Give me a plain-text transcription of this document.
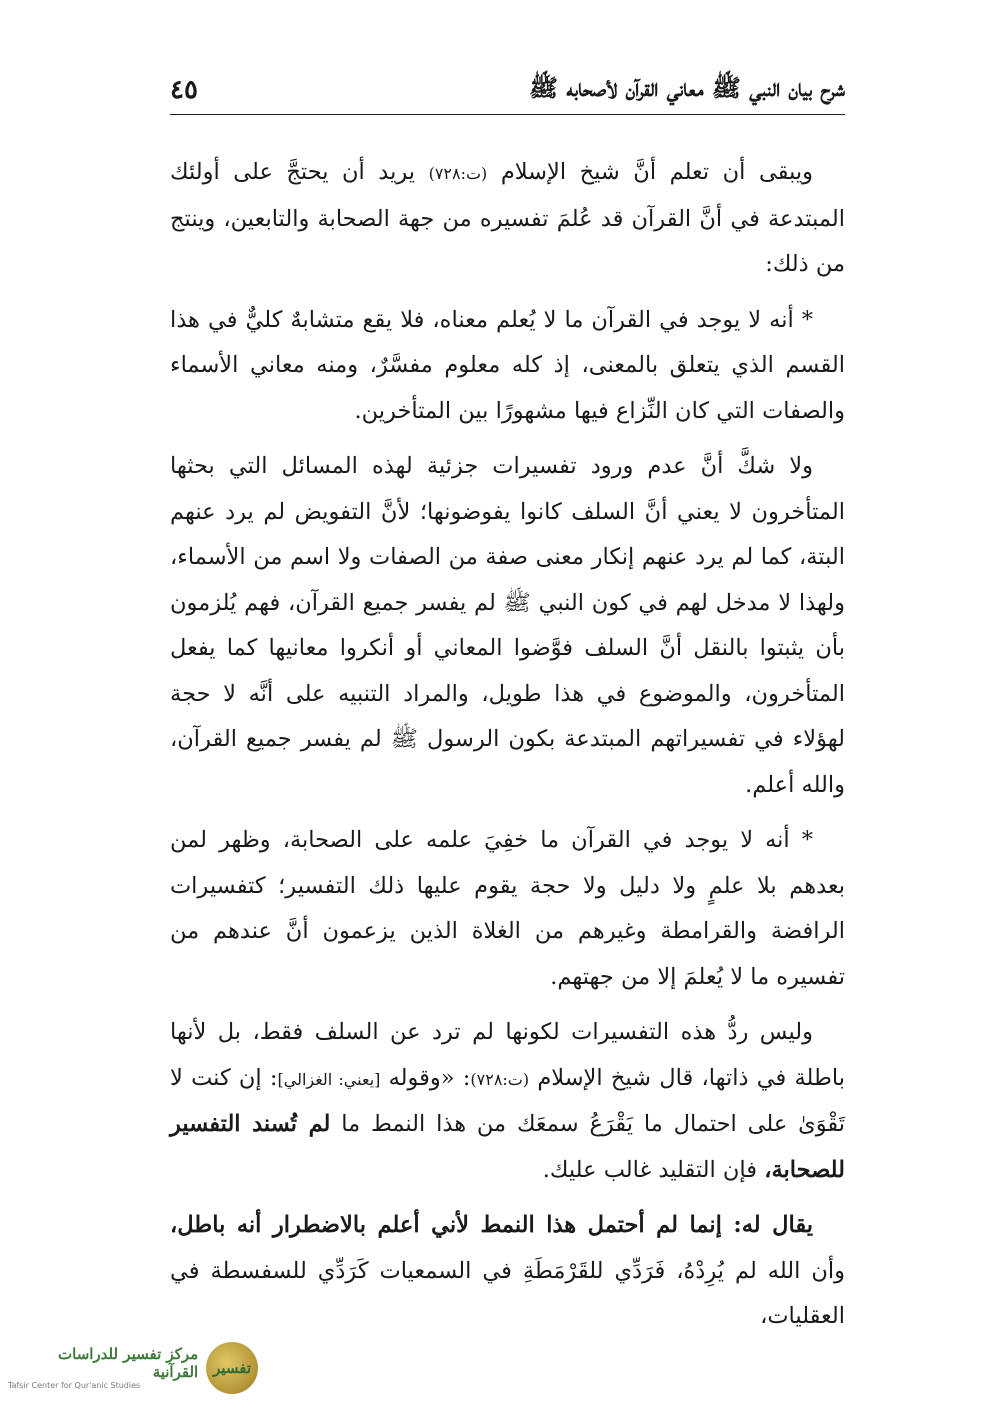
شرح بيان النبي ﷺ معاني القرآن لأصحابه ﷺ
٤٥

ويبقى أن تعلم أنَّ شيخ الإسلام (ت:٧٢٨) يريد أن يحتجَّ على أولئك المبتدعة في أنَّ القرآن قد عُلمَ تفسيره من جهة الصحابة والتابعين، وينتج من ذلك:

* أنه لا يوجد في القرآن ما لا يُعلم معناه، فلا يقع متشابهٌ كليٌّ في هذا القسم الذي يتعلق بالمعنى، إذ كله معلوم مفسَّرٌ، ومنه معاني الأسماء والصفات التي كان النِّزاع فيها مشهورًا بين المتأخرين.

ولا شكَّ أنَّ عدم ورود تفسيرات جزئية لهذه المسائل التي بحثها المتأخرون لا يعني أنَّ السلف كانوا يفوضونها؛ لأنَّ التفويض لم يرد عنهم البتة، كما لم يرد عنهم إنكار معنى صفة من الصفات ولا اسم من الأسماء، ولهذا لا مدخل لهم في كون النبي ﷺ لم يفسر جميع القرآن، فهم يُلزمون بأن يثبتوا بالنقل أنَّ السلف فوَّضوا المعاني أو أنكروا معانيها كما يفعل المتأخرون، والموضوع في هذا طويل، والمراد التنبيه على أنَّه لا حجة لهؤلاء في تفسيراتهم المبتدعة بكون الرسول ﷺ لم يفسر جميع القرآن، والله أعلم.

* أنه لا يوجد في القرآن ما خفِيَ علمه على الصحابة، وظهر لمن بعدهم بلا علمٍ ولا دليل ولا حجة يقوم عليها ذلك التفسير؛ كتفسيرات الرافضة والقرامطة وغيرهم من الغلاة الذين يزعمون أنَّ عندهم من تفسيره ما لا يُعلمَ إلا من جهتهم.

وليس ردُّ هذه التفسيرات لكونها لم ترد عن السلف فقط، بل لأنها باطلة في ذاتها، قال شيخ الإسلام (ت:٧٢٨): «وقوله [يعني: الغزالي]: إن كنت لا تَقْوَىٰ على احتمال ما يَقْرَعُ سمعَك من هذا النمط ما لم تُسند التفسير للصحابة، فإن التقليد غالب عليك.

يقال له: إنما لم أحتمل هذا النمط لأني أعلم بالاضطرار أنه باطل، وأن الله لم يُرِدْهُ، فَرَدِّي للقَرْمَطَةِ في السمعيات كَرَدِّي للسفسطة في العقليات،

تفسير
مركز تفسير للدراسات القرآنية
Tafsir Center for Qur'anic Studies
